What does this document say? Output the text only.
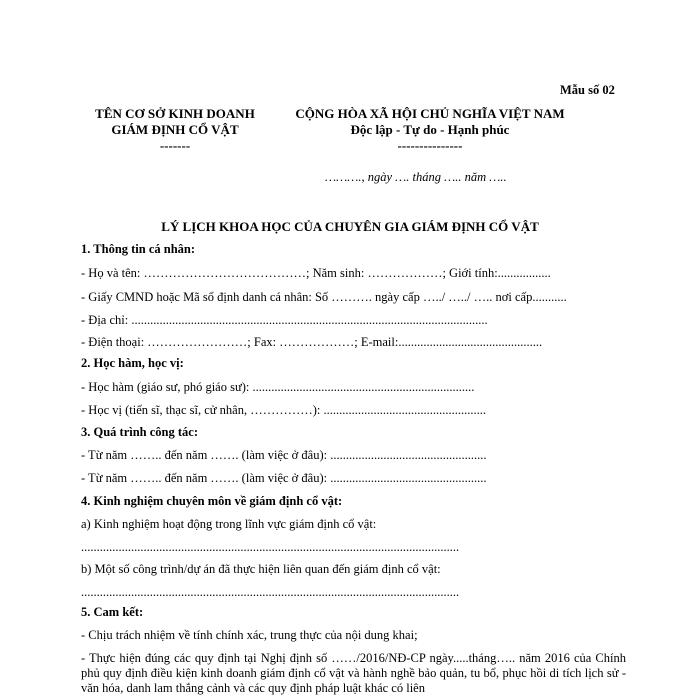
Mẫu số 02
TÊN CƠ SỞ KINH DOANH
GIÁM ĐỊNH CỔ VẬT
-------
CỘNG HÒA XÃ HỘI CHỦ NGHĨA VIỆT NAM
Độc lập - Tự do - Hạnh phúc
---------------
………., ngày …. tháng ….. năm …..
LÝ LỊCH KHOA HỌC CỦA CHUYÊN GIA GIÁM ĐỊNH CỔ VẬT
1. Thông tin cá nhân:
- Họ và tên: …………………………………; Năm sinh: ………………; Giới tính:.................
- Giấy CMND hoặc Mã số định danh cá nhân: Số ………. ngày cấp …../ …../ ….. nơi cấp...........
- Địa chỉ: ..................................................................................................................
- Điện thoại: ……………………; Fax: ………………; E-mail:..............................................
2. Học hàm, học vị:
- Học hàm (giáo sư, phó giáo sư): .......................................................................
- Học vị (tiến sĩ, thạc sĩ, cử nhân, ……………): ....................................................
3. Quá trình công tác:
- Từ năm …….. đến năm ……. (làm việc ở đâu): ..................................................
- Từ năm …….. đến năm ……. (làm việc ở đâu): ..................................................
4. Kinh nghiệm chuyên môn về giám định cổ vật:
a) Kinh nghiệm hoạt động trong lĩnh vực giám định cổ vật:
.........................................................................................................................
b) Một số công trình/dự án đã thực hiện liên quan đến giám định cổ vật:
.........................................................................................................................
5. Cam kết:
- Chịu trách nhiệm về tính chính xác, trung thực của nội dung khai;
- Thực hiện đúng các quy định tại Nghị định số ……/2016/NĐ-CP ngày.....tháng….. năm 2016 của Chính phủ quy định điều kiện kinh doanh giám định cổ vật và hành nghề bảo quản, tu bổ, phục hồi di tích lịch sử - văn hóa, danh lam thắng cảnh và các quy định pháp luật khác có liên
